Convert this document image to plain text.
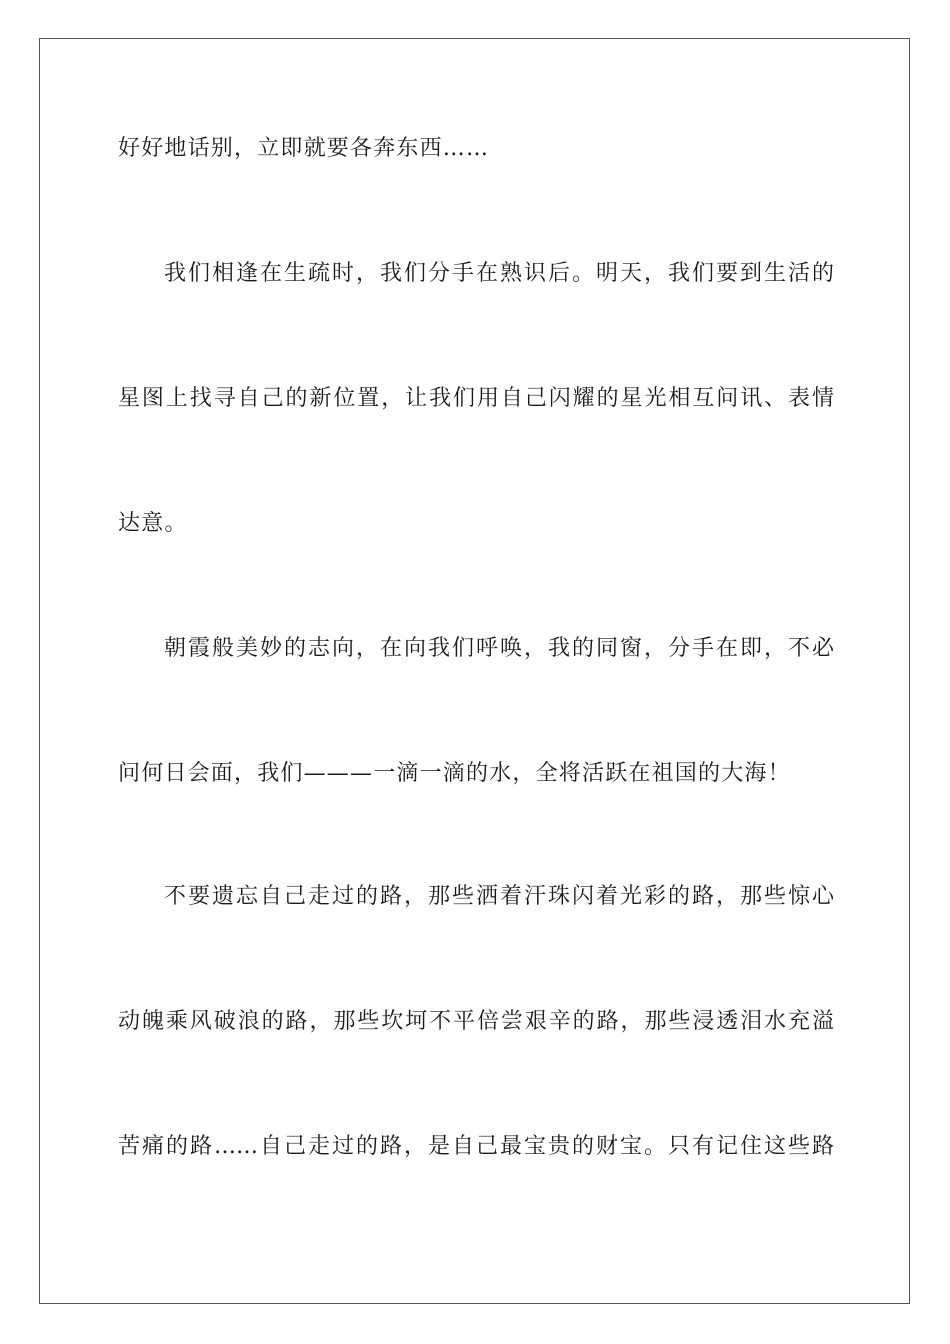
好好地话别，立即就要各奔东西……
我们相逢在生疏时，我们分手在熟识后。明天，我们要到生活的
星图上找寻自己的新位置，让我们用自己闪耀的星光相互问讯、表情
达意。
朝霞般美妙的志向，在向我们呼唤，我的同窗，分手在即，不必
问何日会面，我们———一滴一滴的水，全将活跃在祖国的大海！
不要遗忘自己走过的路，那些洒着汗珠闪着光彩的路，那些惊心
动魄乘风破浪的路，那些坎坷不平倍尝艰辛的路，那些浸透泪水充溢
苦痛的路……自己走过的路，是自己最宝贵的财宝。只有记住这些路
